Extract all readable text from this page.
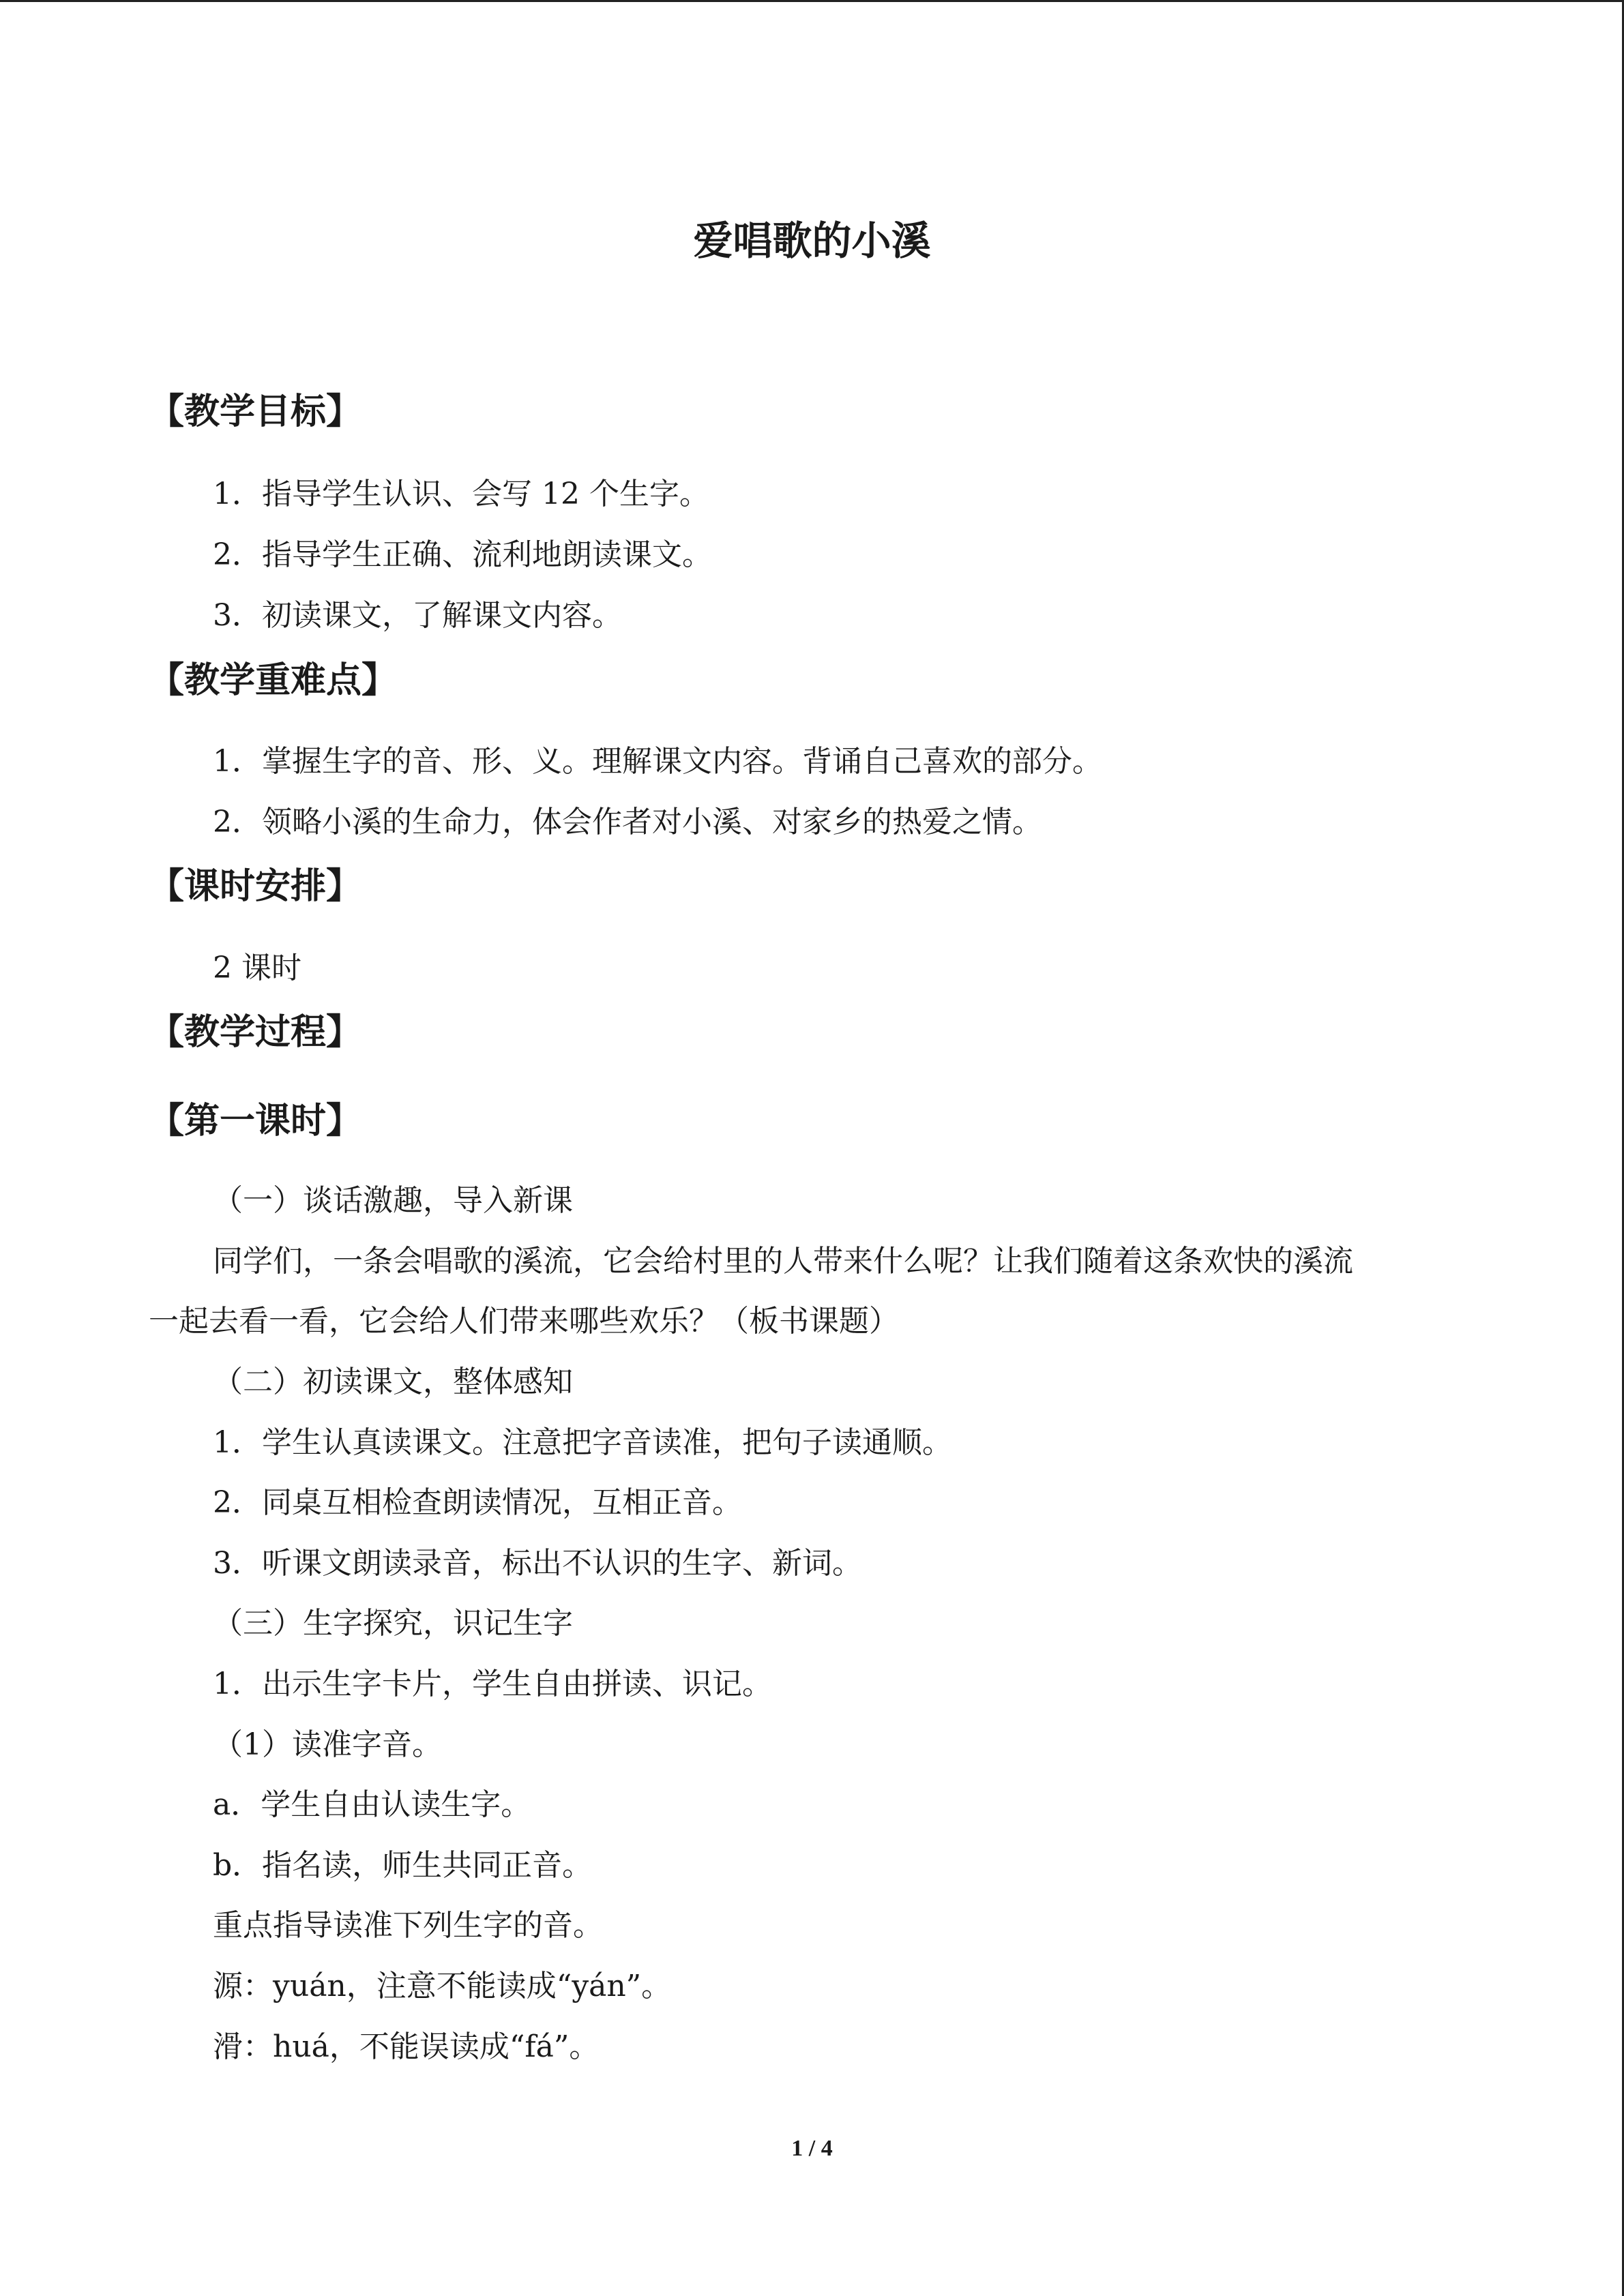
爱唱歌的小溪
【教学目标】
1．指导学生认识、会写 12 个生字。
2．指导学生正确、流利地朗读课文。
3．初读课文，了解课文内容。
【教学重难点】
1．掌握生字的音、形、义。理解课文内容。背诵自己喜欢的部分。
2．领略小溪的生命力，体会作者对小溪、对家乡的热爱之情。
【课时安排】
2 课时
【教学过程】
【第一课时】
（一）谈话激趣，导入新课
同学们，一条会唱歌的溪流，它会给村里的人带来什么呢？让我们随着这条欢快的溪流
一起去看一看，它会给人们带来哪些欢乐？（板书课题）
（二）初读课文，整体感知
1．学生认真读课文。注意把字音读准，把句子读通顺。
2．同桌互相检查朗读情况，互相正音。
3．听课文朗读录音，标出不认识的生字、新词。
（三）生字探究，识记生字
1．出示生字卡片，学生自由拼读、识记。
（1）读准字音。
a．学生自由认读生字。
b．指名读，师生共同正音。
重点指导读准下列生字的音。
源：yuán，注意不能读成“yán”。
滑：huá，不能误读成“fá”。
1 / 4
